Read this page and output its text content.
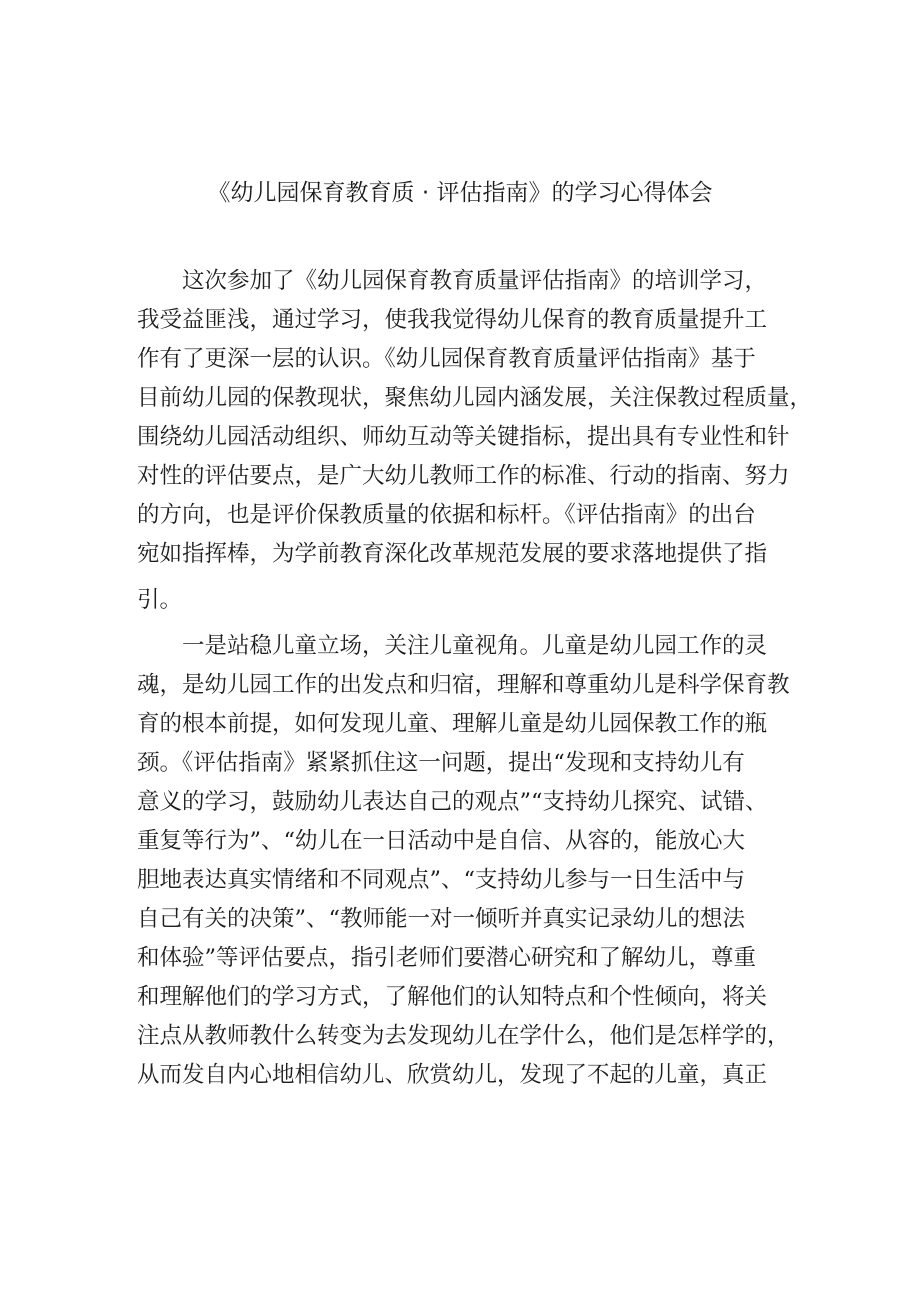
《幼儿园保育教育质 · 评估指南》的学习心得体会
这次参加了《幼儿园保育教育质量评估指南》的培训学习，
我受益匪浅，通过学习，使我我觉得幼儿保育的教育质量提升工
作有了更深一层的认识。《幼儿园保育教育质量评估指南》基于
目前幼儿园的保教现状，聚焦幼儿园内涵发展，关注保教过程质量，
围绕幼儿园活动组织、师幼互动等关键指标，提出具有专业性和针
对性的评估要点，是广大幼儿教师工作的标准、行动的指南、努力
的方向，也是评价保教质量的依据和标杆。《评估指南》的出台
宛如指挥棒，为学前教育深化改革规范发展的要求落地提供了指
引。
一是站稳儿童立场，关注儿童视角。儿童是幼儿园工作的灵
魂，是幼儿园工作的出发点和归宿，理解和尊重幼儿是科学保育教
育的根本前提，如何发现儿童、理解儿童是幼儿园保教工作的瓶
颈。《评估指南》紧紧抓住这一问题，提出“发现和支持幼儿有
意义的学习，鼓励幼儿表达自己的观点”“支持幼儿探究、试错、
重复等行为”、“幼儿在一日活动中是自信、从容的，能放心大
胆地表达真实情绪和不同观点”、“支持幼儿参与一日生活中与
自己有关的决策”、“教师能一对一倾听并真实记录幼儿的想法
和体验”等评估要点，指引老师们要潜心研究和了解幼儿，尊重
和理解他们的学习方式，了解他们的认知特点和个性倾向，将关
注点从教师教什么转变为去发现幼儿在学什么，他们是怎样学的，
从而发自内心地相信幼儿、欣赏幼儿，发现了不起的儿童，真正
